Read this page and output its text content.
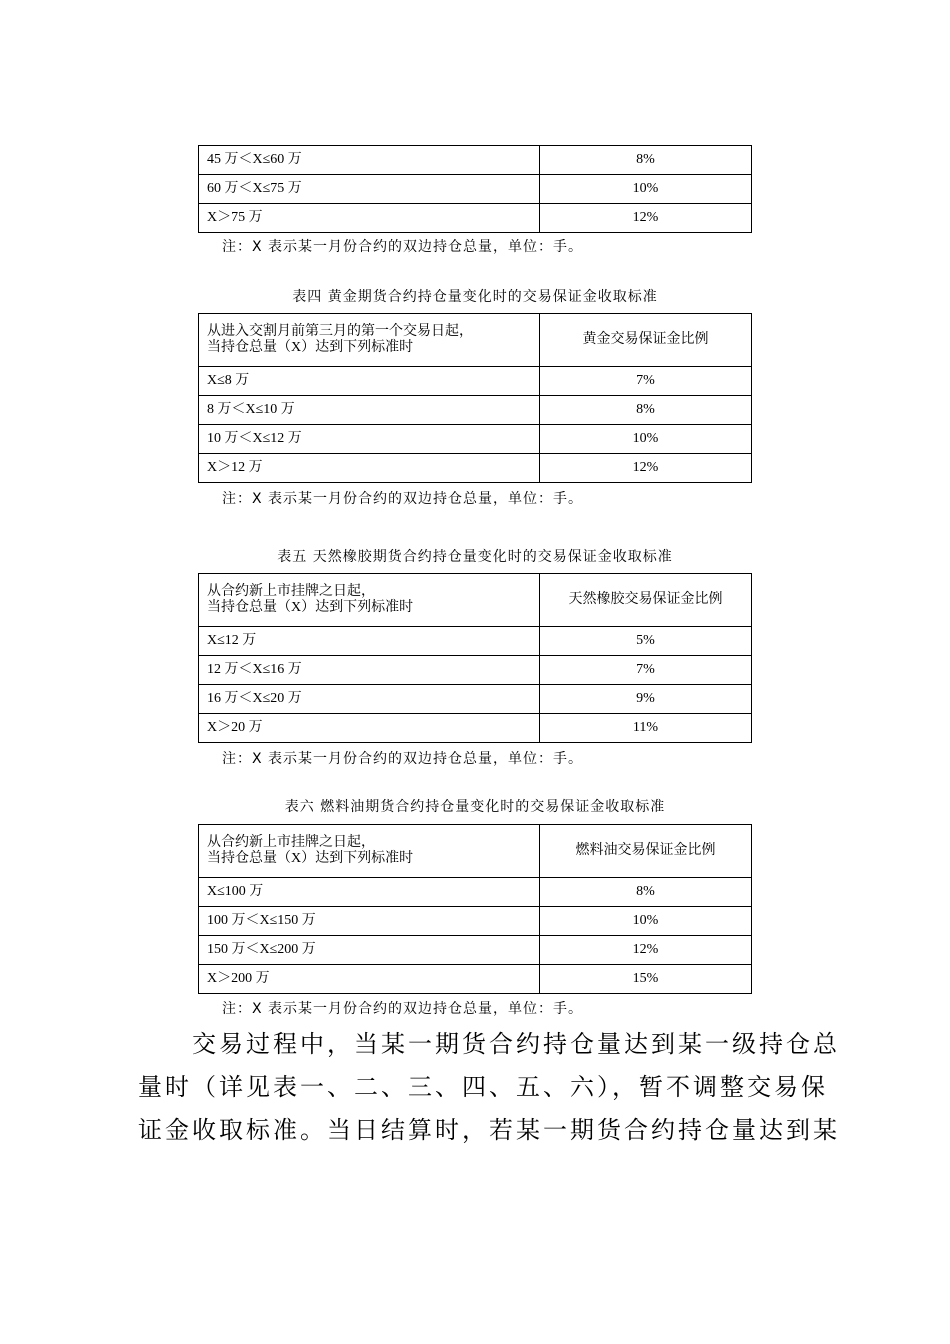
45 万＜X≤60 万	8%
60 万＜X≤75 万	10%
X＞75 万	12%
注：X 表示某一月份合约的双边持仓总量，单位：手。
表四 黄金期货合约持仓量变化时的交易保证金收取标准
从进入交割月前第三月的第一个交易日起，
当持仓总量（X）达到下列标准时	黄金交易保证金比例
X≤8 万	7%
8 万＜X≤10 万	8%
10 万＜X≤12 万	10%
X＞12 万	12%
注：X 表示某一月份合约的双边持仓总量，单位：手。
表五 天然橡胶期货合约持仓量变化时的交易保证金收取标准
从合约新上市挂牌之日起，
当持仓总量（X）达到下列标准时	天然橡胶交易保证金比例
X≤12 万	5%
12 万＜X≤16 万	7%
16 万＜X≤20 万	9%
X＞20 万	11%
注：X 表示某一月份合约的双边持仓总量，单位：手。
表六 燃料油期货合约持仓量变化时的交易保证金收取标准
从合约新上市挂牌之日起，
当持仓总量（X）达到下列标准时	燃料油交易保证金比例
X≤100 万	8%
100 万＜X≤150 万	10%
150 万＜X≤200 万	12%
X＞200 万	15%
注：X 表示某一月份合约的双边持仓总量，单位：手。
　　交易过程中，当某一期货合约持仓量达到某一级持仓总
量时（详见表一、二、三、四、五、六），暂不调整交易保
证金收取标准。当日结算时，若某一期货合约持仓量达到某
